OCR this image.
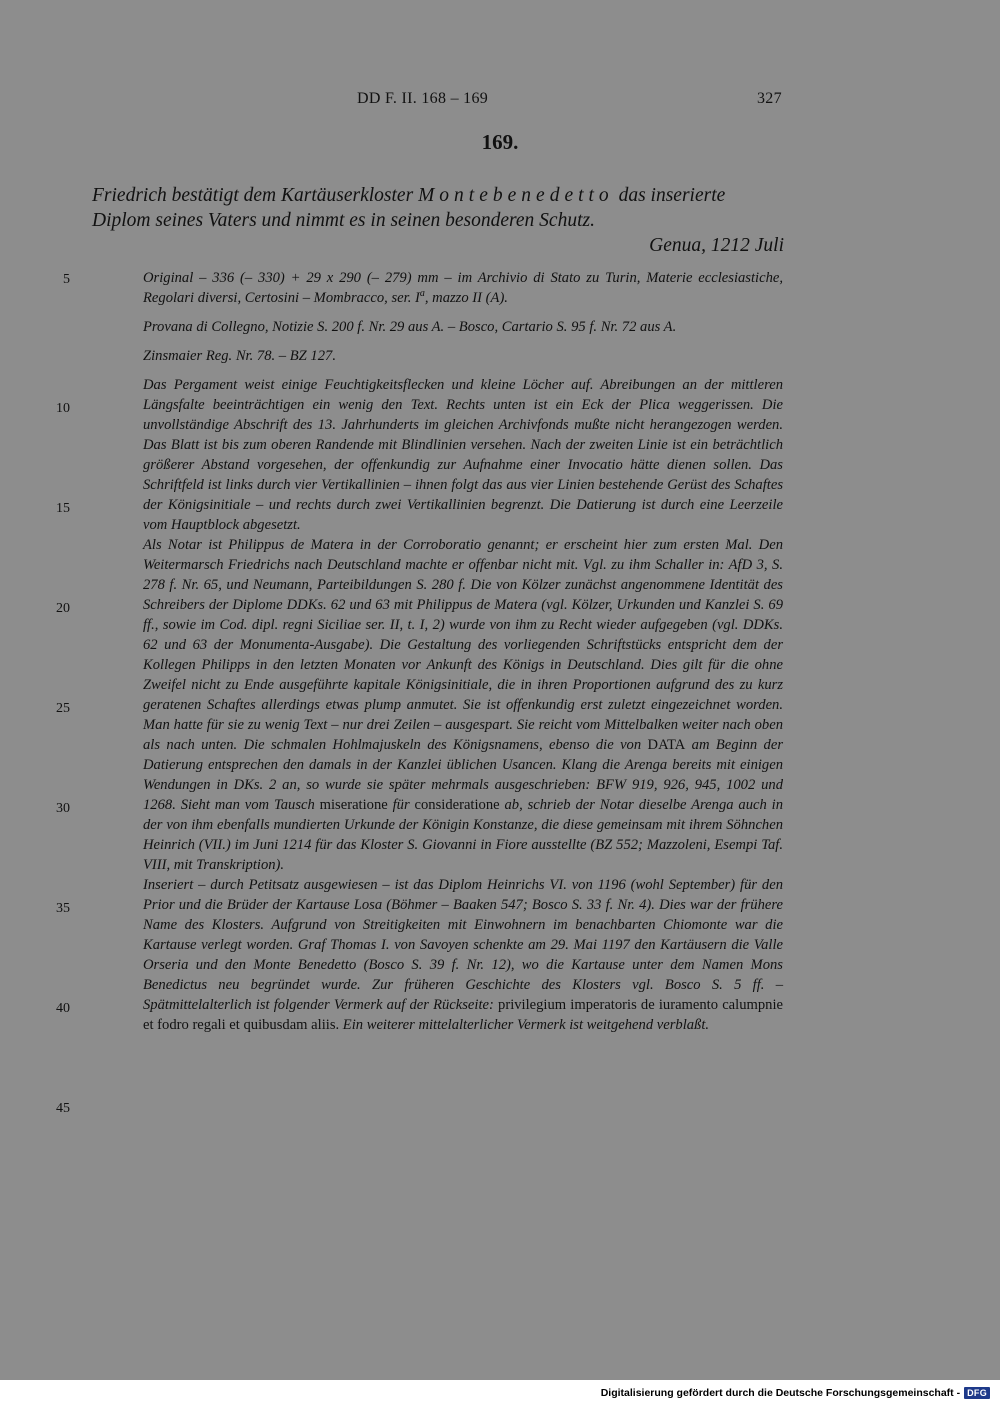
DD F. II. 168 – 169	327
169.
Friedrich bestätigt dem Kartäuserkloster Montebenedetto das inserierte Diplom seines Vaters und nimmt es in seinen besonderen Schutz.
Genua, 1212 Juli
5
10
15
20
25
30
35
40
45

Original – 336 (– 330) + 29 x 290 (– 279) mm – im Archivio di Stato zu Turin, Materie ecclesiastiche, Regolari diversi, Certosini – Mombracco, ser. $I^a$, mazzo II (A).

Provana di Collegno, Notizie S. 200 f. Nr. 29 aus A. – Bosco, Cartario S. 95 f. Nr. 72 aus A.

Zinsmaier Reg. Nr. 78. – BZ 127.

Das Pergament weist einige Feuchtigkeitsflecken und kleine Löcher auf. Abreibungen an der mittleren Längsfalte beeinträchtigen ein wenig den Text. Rechts unten ist ein Eck der Plica weggerissen. Die unvollständige Abschrift des 13. Jahrhunderts im gleichen Archivfonds mußte nicht herangezogen werden. Das Blatt ist bis zum oberen Randende mit Blindlinien versehen. Nach der zweiten Linie ist ein beträchtlich größerer Abstand vorgesehen, der offenkundig zur Aufnahme einer Invocatio hätte dienen sollen. Das Schriftfeld ist links durch vier Vertikallinien – ihnen folgt das aus vier Linien bestehende Gerüst des Schaftes der Königsinitiale – und rechts durch zwei Vertikallinien begrenzt. Die Datierung ist durch eine Leerzeile vom Hauptblock abgesetzt.

Als Notar ist Philippus de Matera in der Corroboratio genannt; er erscheint hier zum ersten Mal. Den Weitermarsch Friedrichs nach Deutschland machte er offenbar nicht mit. Vgl. zu ihm Schaller in: AfD 3, S. 278 f. Nr. 65, und Neumann, Parteibildungen S. 280 f. Die von Kölzer zunächst angenommene Identität des Schreibers der Diplome DDKs. 62 und 63 mit Philippus de Matera (vgl. Kölzer, Urkunden und Kanzlei S. 69 ff., sowie im Cod. dipl. regni Siciliae ser. II, t. I, 2) wurde von ihm zu Recht wieder aufgegeben (vgl. DDKs. 62 und 63 der Monumenta-Ausgabe). Die Gestaltung des vorliegenden Schriftstücks entspricht dem der Kollegen Philipps in den letzten Monaten vor Ankunft des Königs in Deutschland. Dies gilt für die ohne Zweifel nicht zu Ende ausgeführte kapitale Königsinitiale, die in ihren Proportionen aufgrund des zu kurz geratenen Schaftes allerdings etwas plump anmutet. Sie ist offenkundig erst zuletzt eingezeichnet worden. Man hatte für sie zu wenig Text – nur drei Zeilen – ausgespart. Sie reicht vom Mittelbalken weiter nach oben als nach unten. Die schmalen Hohlmajuskeln des Königsnamens, ebenso die von DATA am Beginn der Datierung entsprechen den damals in der Kanzlei üblichen Usancen. Klang die Arenga bereits mit einigen Wendungen in DKs. 2 an, so wurde sie später mehrmals ausgeschrieben: BFW 919, 926, 945, 1002 und 1268. Sieht man vom Tausch miseratione für consideratione ab, schrieb der Notar dieselbe Arenga auch in der von ihm ebenfalls mundierten Urkunde der Königin Konstanze, die diese gemeinsam mit ihrem Söhnchen Heinrich (VII.) im Juni 1214 für das Kloster S. Giovanni in Fiore ausstellte (BZ 552; Mazzoleni, Esempi Taf. VIII, mit Transkription).

Inseriert – durch Petitsatz ausgewiesen – ist das Diplom Heinrichs VI. von 1196 (wohl September) für den Prior und die Brüder der Kartause Losa (Böhmer – Baaken 547; Bosco S. 33 f. Nr. 4). Dies war der frühere Name des Klosters. Aufgrund von Streitigkeiten mit Einwohnern im benachbarten Chiomonte war die Kartause verlegt worden. Graf Thomas I. von Savoyen schenkte am 29. Mai 1197 den Kartäusern die Valle Orseria und den Monte Benedetto (Bosco S. 39 f. Nr. 12), wo die Kartause unter dem Namen Mons Benedictus neu begründet wurde. Zur früheren Geschichte des Klosters vgl. Bosco S. 5 ff. – Spätmittelalterlich ist folgender Vermerk auf der Rückseite: privilegium imperatoris de iuramento calumpnie et fodro regali et quibusdam aliis. Ein weiterer mittelalterlicher Vermerk ist weitgehend verblaßt.

Digitalisierung gefördert durch die Deutsche Forschungsgemeinschaft - DFG
